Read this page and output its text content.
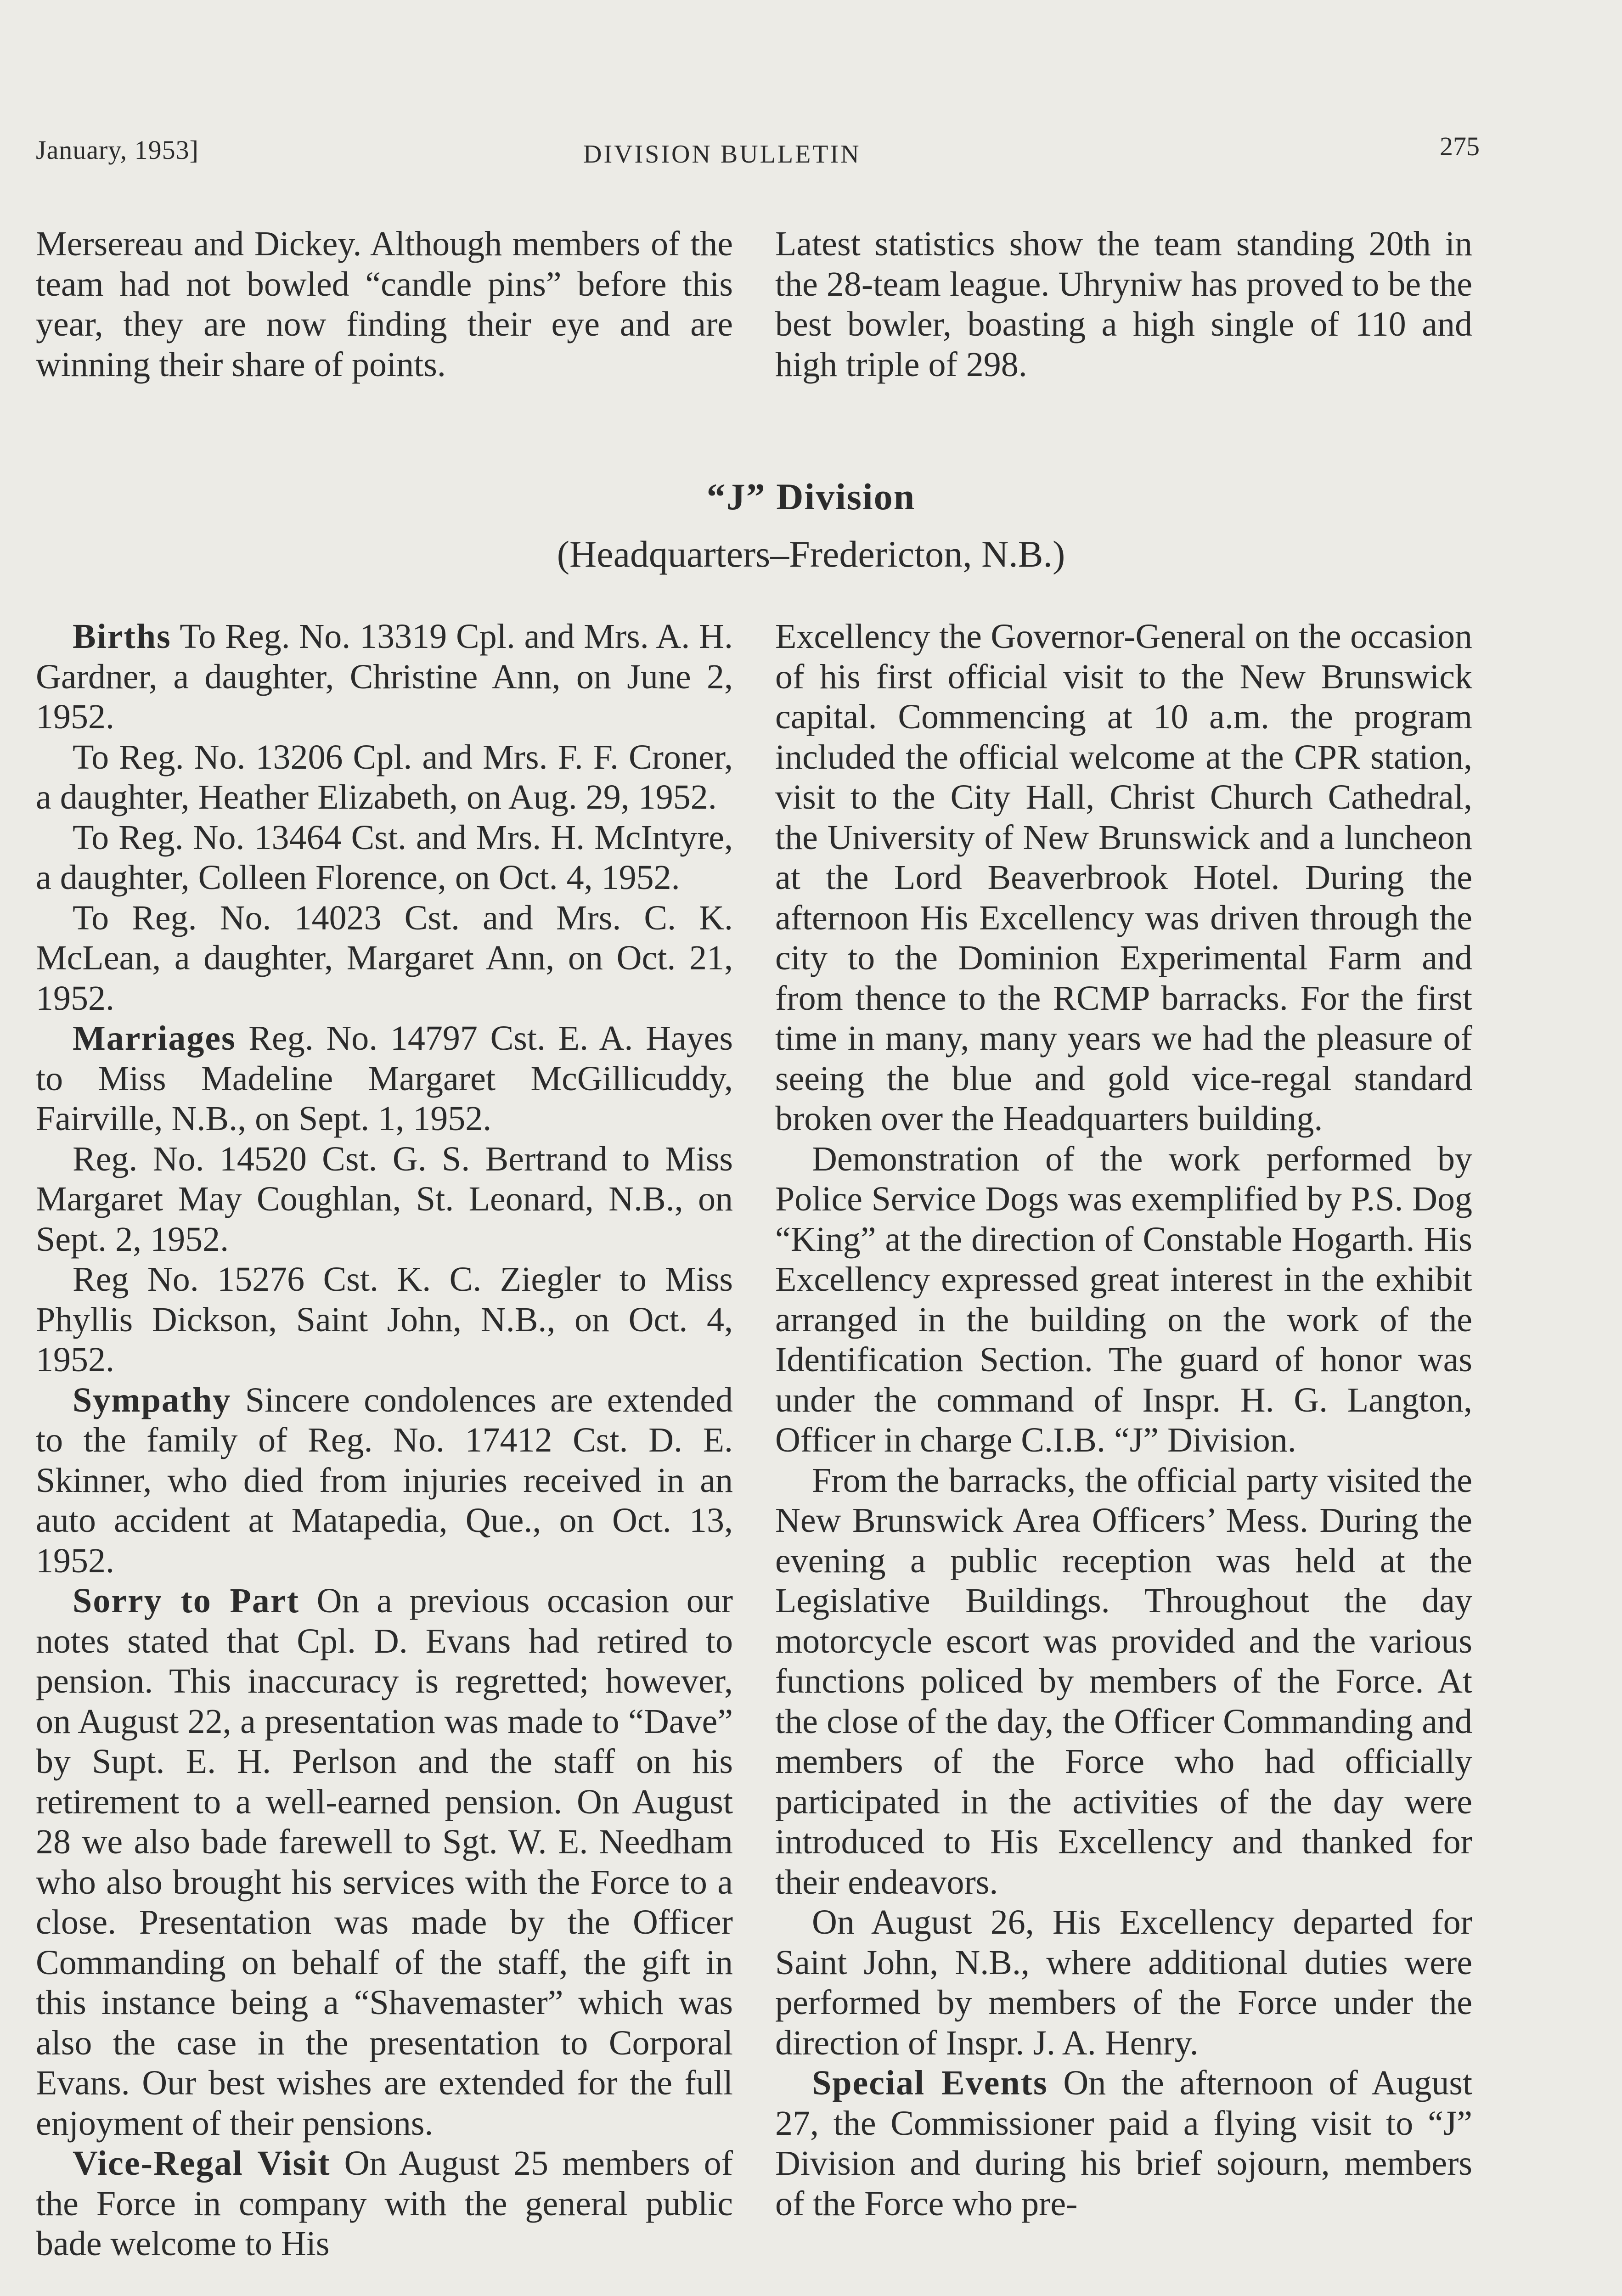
January, 1953]	DIVISION BULLETIN	275

Mersereau and Dickey. Although members of the team had not bowled “candle pins” before this year, they are now finding their eye and are winning their share of points.

Latest statistics show the team standing 20th in the 28-team league. Uhryniw has proved to be the best bowler, boasting a high single of 110 and high triple of 298.

“J” Division
(Headquarters–Fredericton, N.B.)

Births To Reg. No. 13319 Cpl. and Mrs. A. H. Gardner, a daughter, Christine Ann, on June 2, 1952.

To Reg. No. 13206 Cpl. and Mrs. F. F. Croner, a daughter, Heather Elizabeth, on Aug. 29, 1952.

To Reg. No. 13464 Cst. and Mrs. H. McIntyre, a daughter, Colleen Florence, on Oct. 4, 1952.

To Reg. No. 14023 Cst. and Mrs. C. K. McLean, a daughter, Margaret Ann, on Oct. 21, 1952.

Marriages Reg. No. 14797 Cst. E. A. Hayes to Miss Madeline Margaret McGillicuddy, Fairville, N.B., on Sept. 1, 1952.

Reg. No. 14520 Cst. G. S. Bertrand to Miss Margaret May Coughlan, St. Leonard, N.B., on Sept. 2, 1952.

Reg No. 15276 Cst. K. C. Ziegler to Miss Phyllis Dickson, Saint John, N.B., on Oct. 4, 1952.

Sympathy Sincere condolences are extended to the family of Reg. No. 17412 Cst. D. E. Skinner, who died from injuries received in an auto accident at Matapedia, Que., on Oct. 13, 1952.

Sorry to Part On a previous occasion our notes stated that Cpl. D. Evans had retired to pension. This inaccuracy is regretted; however, on August 22, a presentation was made to “Dave” by Supt. E. H. Perlson and the staff on his retirement to a well-earned pension. On August 28 we also bade farewell to Sgt. W. E. Needham who also brought his services with the Force to a close. Presentation was made by the Officer Commanding on behalf of the staff, the gift in this instance being a “Shavemaster” which was also the case in the presentation to Corporal Evans. Our best wishes are extended for the full enjoyment of their pensions.

Vice-Regal Visit On August 25 members of the Force in company with the general public bade welcome to His

Excellency the Governor-General on the occasion of his first official visit to the New Brunswick capital. Commencing at 10 a.m. the program included the official welcome at the CPR station, visit to the City Hall, Christ Church Cathedral, the University of New Brunswick and a luncheon at the Lord Beaverbrook Hotel. During the afternoon His Excellency was driven through the city to the Dominion Experimental Farm and from thence to the RCMP barracks. For the first time in many, many years we had the pleasure of seeing the blue and gold vice-regal standard broken over the Headquarters building.

Demonstration of the work performed by Police Service Dogs was exemplified by P.S. Dog “King” at the direction of Constable Hogarth. His Excellency expressed great interest in the exhibit arranged in the building on the work of the Identification Section. The guard of honor was under the command of Inspr. H. G. Langton, Officer in charge C.I.B. “J” Division.

From the barracks, the official party visited the New Brunswick Area Officers’ Mess. During the evening a public reception was held at the Legislative Buildings. Throughout the day motorcycle escort was provided and the various functions policed by members of the Force. At the close of the day, the Officer Commanding and members of the Force who had officially participated in the activities of the day were introduced to His Excellency and thanked for their endeavors.

On August 26, His Excellency departed for Saint John, N.B., where additional duties were performed by members of the Force under the direction of Inspr. J. A. Henry.

Special Events On the afternoon of August 27, the Commissioner paid a flying visit to “J” Division and during his brief sojourn, members of the Force who pre-
